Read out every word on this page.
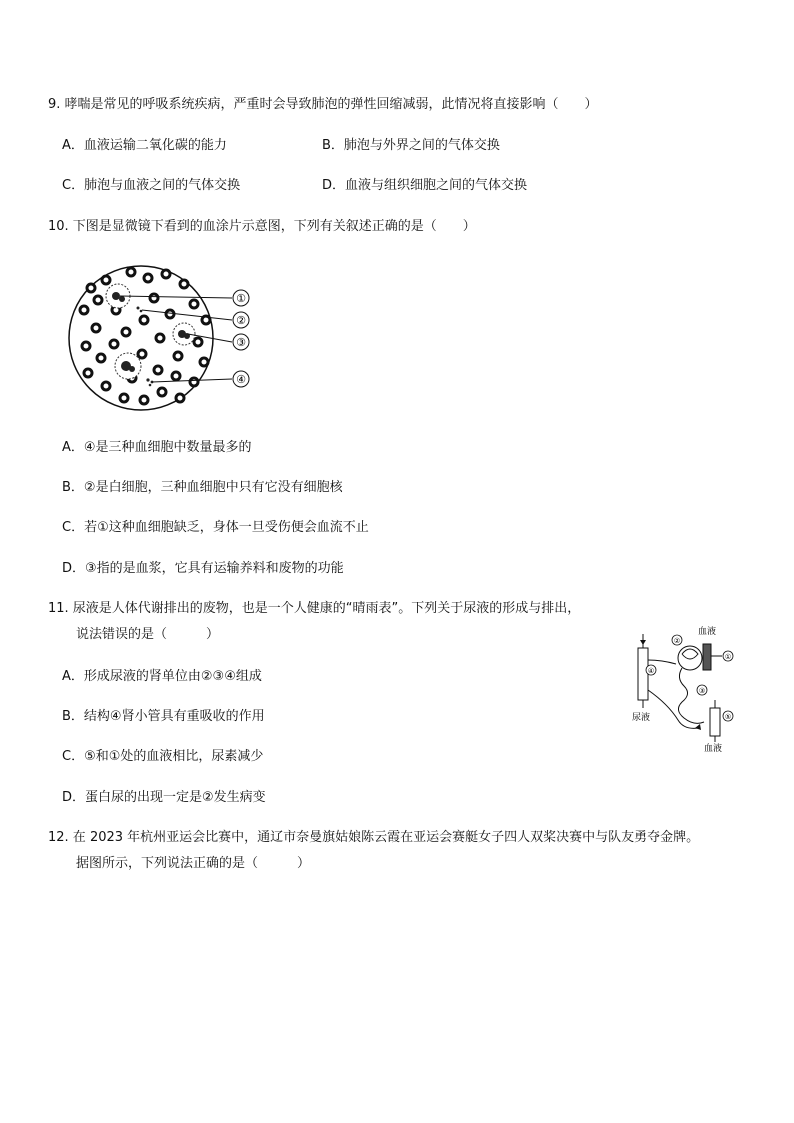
9. 哮喘是常见的呼吸系统疾病，严重时会导致肺泡的弹性回缩减弱，此情况将直接影响（　　）
A．血液运输二氧化碳的能力	B．肺泡与外界之间的气体交换
C．肺泡与血液之间的气体交换	D．血液与组织细胞之间的气体交换
10. 下图是显微镜下看到的血涂片示意图，下列有关叙述正确的是（　　）
①
②
③
④
A．④是三种血细胞中数量最多的
B．②是白细胞，三种血细胞中只有它没有细胞核
C．若①这种血细胞缺乏，身体一旦受伤便会血流不止
D．③指的是血浆，它具有运输养料和废物的功能
11. 尿液是人体代谢排出的废物，也是一个人健康的“晴雨表”。下列关于尿液的形成与排出，
说法错误的是（　　　）	血液
尿液
血液
②
①
③
④
⑤
A．形成尿液的肾单位由②③④组成
B．结构④肾小管具有重吸收的作用
C．⑤和①处的血液相比，尿素减少
D．蛋白尿的出现一定是②发生病变
12. 在 2023 年杭州亚运会比赛中，通辽市奈曼旗姑娘陈云霞在亚运会赛艇女子四人双桨决赛中与队友勇夺金牌。
据图所示，下列说法正确的是（　　　）
